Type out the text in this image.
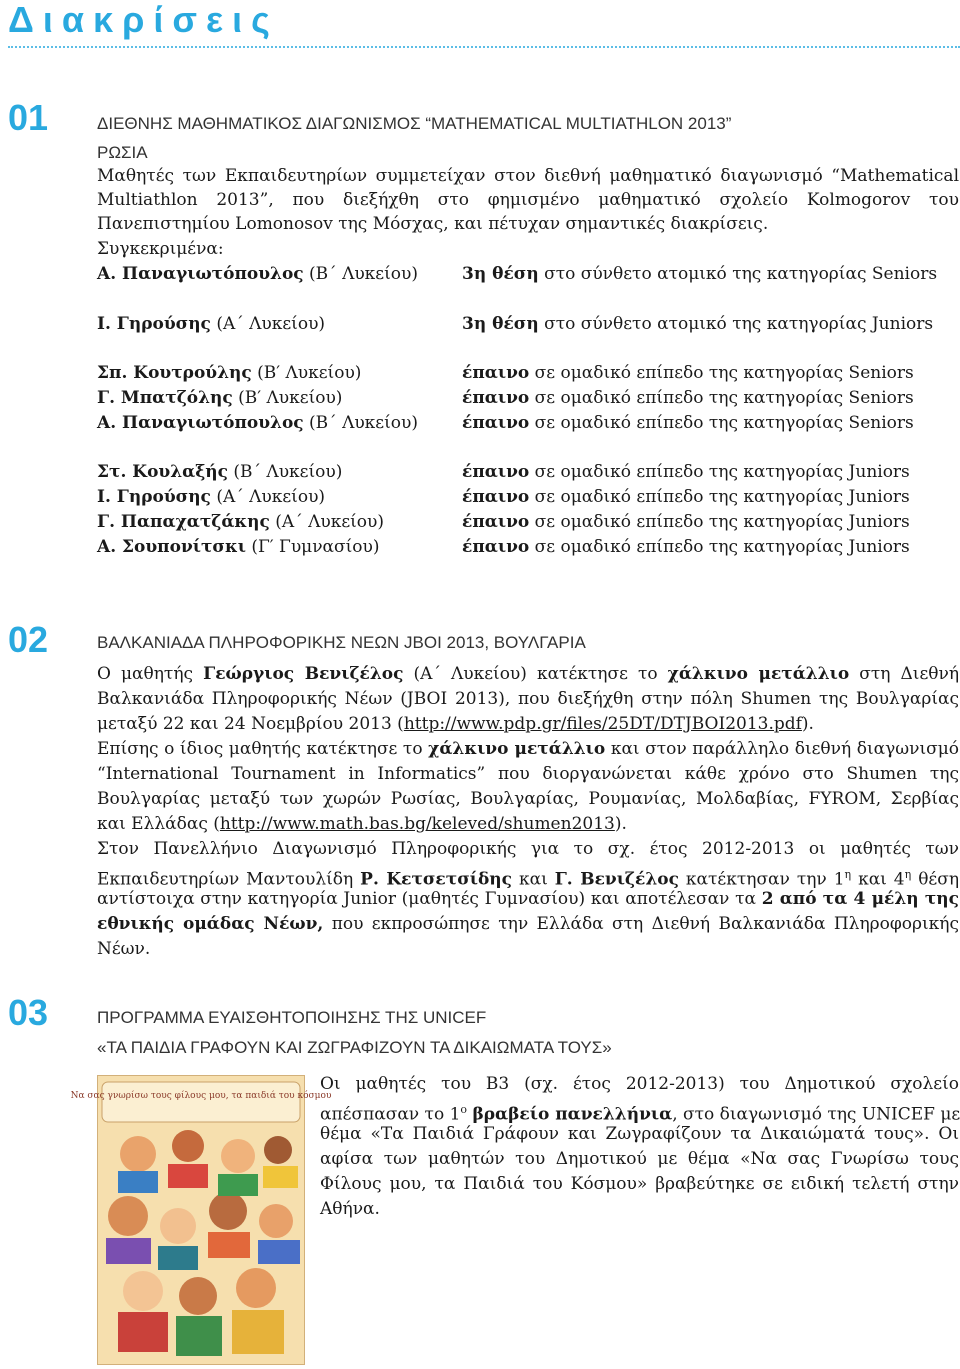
Διακρίσεις
01	ΔΙΕΘΝΗΣ ΜΑΘΗΜΑΤΙΚΟΣ ΔΙΑΓΩΝΙΣΜΟΣ “MATHEMATICAL MULTIATHLON 2013”
ΡΩΣΙΑ
Μαθητές των Εκπαιδευτηρίων συμμετείχαν στον διεθνή μαθηματικό διαγωνισμό “Mathematical
Multiathlon 2013”, που διεξήχθη στο φημισμένο μαθηματικό σχολείο Kolmogorov του
Πανεπιστημίου Lomonosov της Μόσχας, και πέτυχαν σημαντικές διακρίσεις.
Συγκεκριμένα:
Α. Παναγιωτόπουλος (Β΄ Λυκείου)	3η θέση στο σύνθετο ατομικό της κατηγορίας Seniors
Ι. Γηρούσης (Α΄ Λυκείου)	3η θέση στο σύνθετο ατομικό της κατηγορίας Juniors
Σπ. Κουτρούλης (Β′ Λυκείου)	έπαινο σε ομαδικό επίπεδο της κατηγορίας Seniors
Γ. Μπατζόλης (Β′ Λυκείου)	έπαινο σε ομαδικό επίπεδο της κατηγορίας Seniors
Α. Παναγιωτόπουλος (Β΄ Λυκείου)	έπαινο σε ομαδικό επίπεδο της κατηγορίας Seniors
Στ. Κουλαξής (Β΄ Λυκείου)	έπαινο σε ομαδικό επίπεδο της κατηγορίας Juniors
Ι. Γηρούσης (Α΄ Λυκείου)	έπαινο σε ομαδικό επίπεδο της κατηγορίας Juniors
Γ. Παπαχατζάκης (Α΄ Λυκείου)	έπαινο σε ομαδικό επίπεδο της κατηγορίας Juniors
Α. Σουπονίτσκι (Γ′ Γυμνασίου)	έπαινο σε ομαδικό επίπεδο της κατηγορίας Juniors
02	ΒΑΛΚΑΝΙΑΔΑ ΠΛΗΡΟΦΟΡΙΚΗΣ ΝΕΩΝ JBOI 2013, ΒΟΥΛΓΑΡΙΑ
Ο μαθητής Γεώργιος Βενιζέλος (Α΄ Λυκείου) κατέκτησε το χάλκινο μετάλλιο στη Διεθνή
Βαλκανιάδα Πληροφορικής Νέων (JBOI 2013), που διεξήχθη στην πόλη Shumen της Βουλγαρίας
μεταξύ 22 και 24 Νοεμβρίου 2013 (http://www.pdp.gr/files/25DT/DTJBOI2013.pdf).
Επίσης ο ίδιος μαθητής κατέκτησε το χάλκινο μετάλλιο και στον παράλληλο διεθνή διαγωνισμό
“International Tournament in Informatics” που διοργανώνεται κάθε χρόνο στο Shumen της
Βουλγαρίας μεταξύ των χωρών Ρωσίας, Βουλγαρίας, Ρουμανίας, Μολδαβίας, FYROM, Σερβίας
και Ελλάδας (http://www.math.bas.bg/keleved/shumen2013).
Στον Πανελλήνιο Διαγωνισμό Πληροφορικής για το σχ. έτος 2012-2013 οι μαθητές των
Εκπαιδευτηρίων Μαντουλίδη Ρ. Κετσετσίδης και Γ. Βενιζέλος κατέκτησαν την $1^\eta$ και $4^\eta$ θέση
αντίστοιχα στην κατηγορία Junior (μαθητές Γυμνασίου) και αποτέλεσαν τα 2 από τα 4 μέλη της
εθνικής ομάδας Νέων, που εκπροσώπησε την Ελλάδα στη Διεθνή Βαλκανιάδα Πληροφορικής
Νέων.
03	ΠΡΟΓΡΑΜΜΑ ΕΥΑΙΣΘΗΤΟΠΟΙΗΣΗΣ ΤΗΣ UNICEF
«ΤΑ ΠΑΙΔΙΑ ΓΡΑΦΟΥΝ ΚΑΙ ΖΩΓΡΑΦΙΖΟΥΝ ΤΑ ΔΙΚΑΙΩΜΑΤΑ ΤΟΥΣ»
Να σας γνωρίσω τους φίλους μου, τα παιδιά του κόσμου
Οι μαθητές του Β3 (σχ. έτος 2012-2013) του Δημοτικού σχολείο
απέσπασαν το $1^o$ βραβείο πανελλήνια, στο διαγωνισμό της UNICEF με
θέμα «Τα Παιδιά Γράφουν και Ζωγραφίζουν τα Δικαιώματά τους». Οι
αφίσα των μαθητών του Δημοτικού με θέμα «Να σας Γνωρίσω τους
Φίλους μου, τα Παιδιά του Κόσμου» βραβεύτηκε σε ειδική τελετή στην
Αθήνα.
